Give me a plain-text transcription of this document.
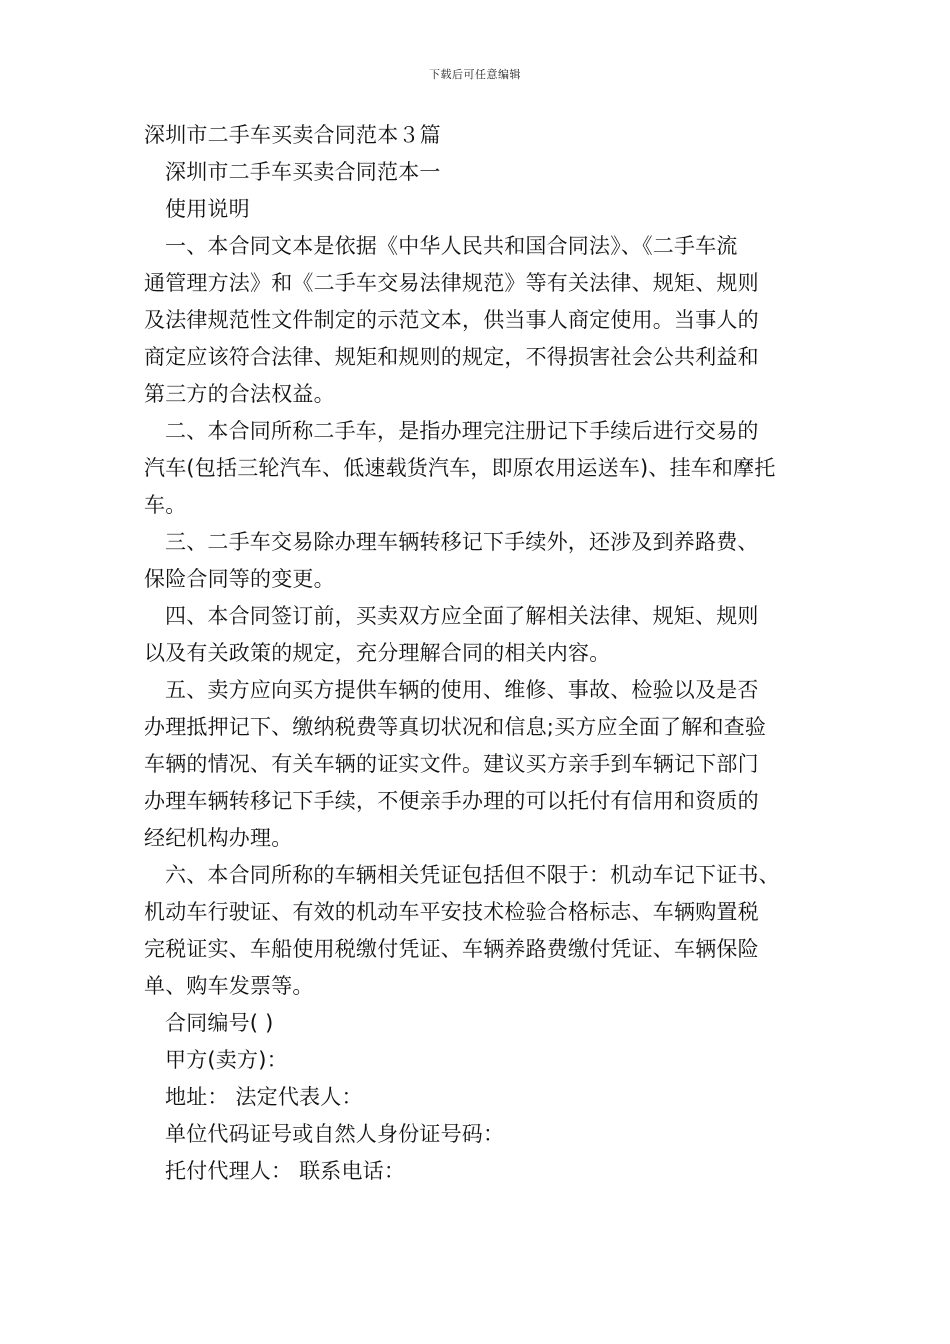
下载后可任意编辑
深圳市二手车买卖合同范本３篇
深圳市二手车买卖合同范本一
使用说明
一、本合同文本是依据《中华人民共和国合同法》、《二手车流
通管理方法》和《二手车交易法律规范》等有关法律、规矩、规则
及法律规范性文件制定的示范文本，供当事人商定使用。当事人的
商定应该符合法律、规矩和规则的规定，不得损害社会公共利益和
第三方的合法权益。
二、本合同所称二手车，是指办理完注册记下手续后进行交易的
汽车(包括三轮汽车、低速载货汽车，即原农用运送车)、挂车和摩托
车。
三、二手车交易除办理车辆转移记下手续外，还涉及到养路费、
保险合同等的变更。
四、本合同签订前，买卖双方应全面了解相关法律、规矩、规则
以及有关政策的规定，充分理解合同的相关内容。
五、卖方应向买方提供车辆的使用、维修、事故、检验以及是否
办理抵押记下、缴纳税费等真切状况和信息;买方应全面了解和查验
车辆的情况、有关车辆的证实文件。建议买方亲手到车辆记下部门
办理车辆转移记下手续，不便亲手办理的可以托付有信用和资质的
经纪机构办理。
六、本合同所称的车辆相关凭证包括但不限于：机动车记下证书、
机动车行驶证、有效的机动车平安技术检验合格标志、车辆购置税
完税证实、车船使用税缴付凭证、车辆养路费缴付凭证、车辆保险
单、购车发票等。
合同编号( )
甲方(卖方)：
地址： 法定代表人：
单位代码证号或自然人身份证号码：
托付代理人： 联系电话：
